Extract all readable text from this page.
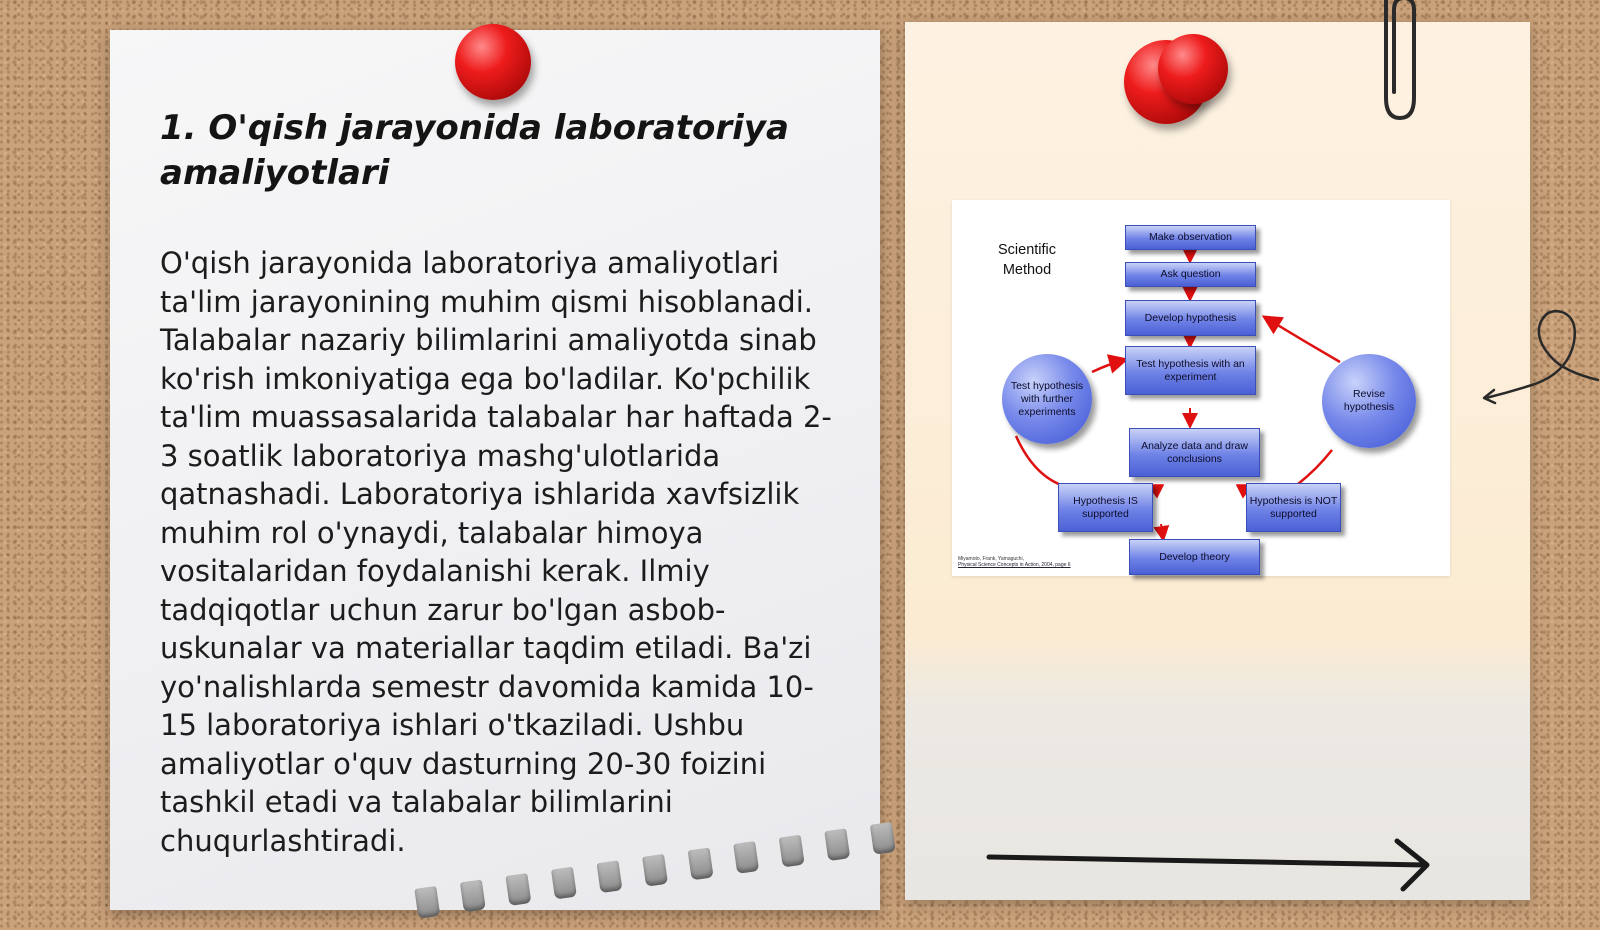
1. O'qish jarayonida laboratoriya amaliyotlari

O'qish jarayonida laboratoriya amaliyotlari ta'lim jarayonining muhim qismi hisoblanadi. Talabalar nazariy bilimlarini amaliyotda sinab ko'rish imkoniyatiga ega bo'ladilar. Ko'pchilik ta'lim muassasalarida talabalar har haftada 2-3 soatlik laboratoriya mashg'ulotlarida qatnashadi. Laboratoriya ishlarida xavfsizlik muhim rol o'ynaydi, talabalar himoya vositalaridan foydalanishi kerak. Ilmiy tadqiqotlar uchun zarur bo'lgan asbob-uskunalar va materiallar taqdim etiladi. Ba'zi yo'nalishlarda semestr davomida kamida 10-15 laboratoriya ishlari o'tkaziladi. Ushbu amaliyotlar o'quv dasturning 20-30 foizini tashkil etadi va talabalar bilimlarini chuqurlashtiradi.

Scientific Method
Make observation
Ask question
Develop hypothesis
Test hypothesis with an experiment
Analyze data and draw conclusions
Hypothesis IS supported
Hypothesis is NOT supported
Develop theory
Test hypothesis with further experiments
Revise hypothesis
Miyamoto, Frank, Yamaguchi,
Physical Science Concepts in Action, 2004, page 6
